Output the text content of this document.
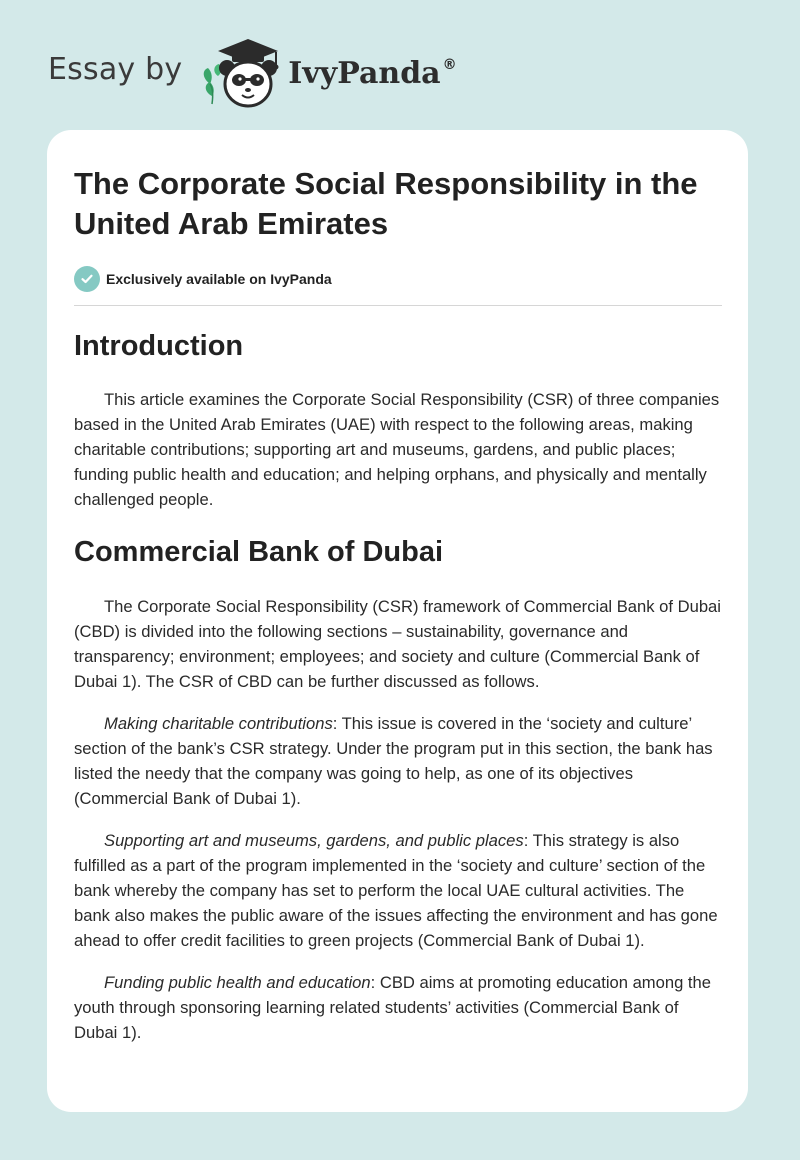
Essay by	IvyPanda ®
The Corporate Social Responsibility in the United Arab Emirates
Exclusively available on IvyPanda
Introduction

This article examines the Corporate Social Responsibility (CSR) of three companies based in the United Arab Emirates (UAE) with respect to the following areas, making charitable contributions; supporting art and museums, gardens, and public places; funding public health and education; and helping orphans, and physically and mentally challenged people.

Commercial Bank of Dubai

The Corporate Social Responsibility (CSR) framework of Commercial Bank of Dubai (CBD) is divided into the following sections – sustainability, governance and transparency; environment; employees; and society and culture (Commercial Bank of Dubai 1). The CSR of CBD can be further discussed as follows.

Making charitable contributions: This issue is covered in the ‘society and culture’ section of the bank’s CSR strategy. Under the program put in this section, the bank has listed the needy that the company was going to help, as one of its objectives (Commercial Bank of Dubai 1).

Supporting art and museums, gardens, and public places: This strategy is also fulfilled as a part of the program implemented in the ‘society and culture’ section of the bank whereby the company has set to perform the local UAE cultural activities. The bank also makes the public aware of the issues affecting the environment and has gone ahead to offer credit facilities to green projects (Commercial Bank of Dubai 1).

Funding public health and education: CBD aims at promoting education among the youth through sponsoring learning related students’ activities (Commercial Bank of Dubai 1).
